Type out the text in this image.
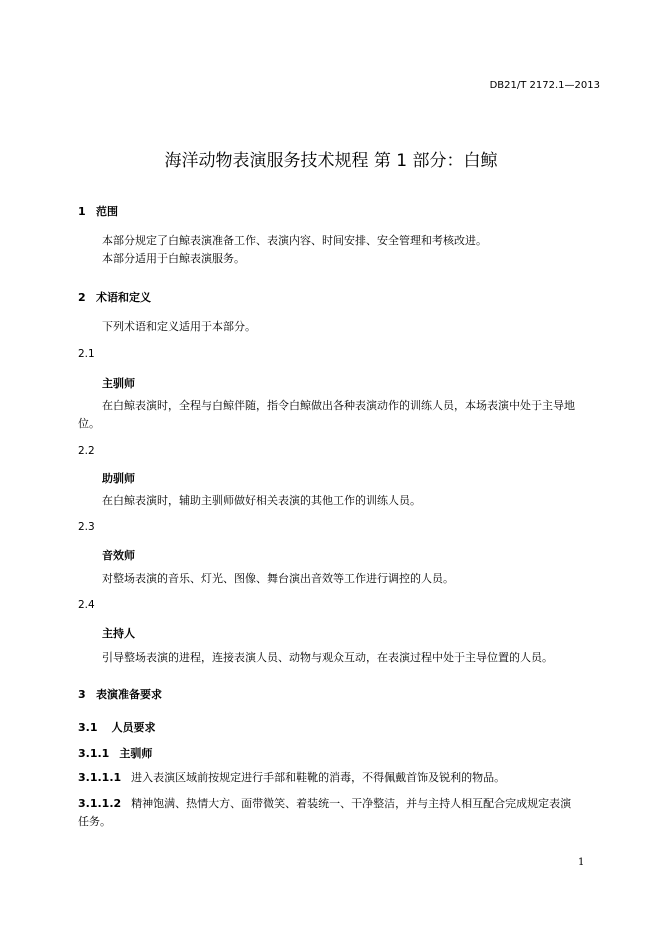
DB21/T 2172.1—2013
海洋动物表演服务技术规程 第 1 部分：白鲸
1 范围
本部分规定了白鲸表演准备工作、表演内容、时间安排、安全管理和考核改进。
本部分适用于白鲸表演服务。
2 术语和定义
下列术语和定义适用于本部分。
2.1
主驯师
在白鲸表演时，全程与白鲸伴随，指令白鲸做出各种表演动作的训练人员，本场表演中处于主导地
位。
2.2
助驯师
在白鲸表演时，辅助主驯师做好相关表演的其他工作的训练人员。
2.3
音效师
对整场表演的音乐、灯光、图像、舞台演出音效等工作进行调控的人员。
2.4
主持人
引导整场表演的进程，连接表演人员、动物与观众互动，在表演过程中处于主导位置的人员。
3 表演准备要求
3.1 人员要求
3.1.1 主驯师
3.1.1.1 进入表演区域前按规定进行手部和鞋靴的消毒，不得佩戴首饰及锐利的物品。
3.1.1.2 精神饱满、热情大方、面带微笑、着装统一、干净整洁，并与主持人相互配合完成规定表演
任务。
1
